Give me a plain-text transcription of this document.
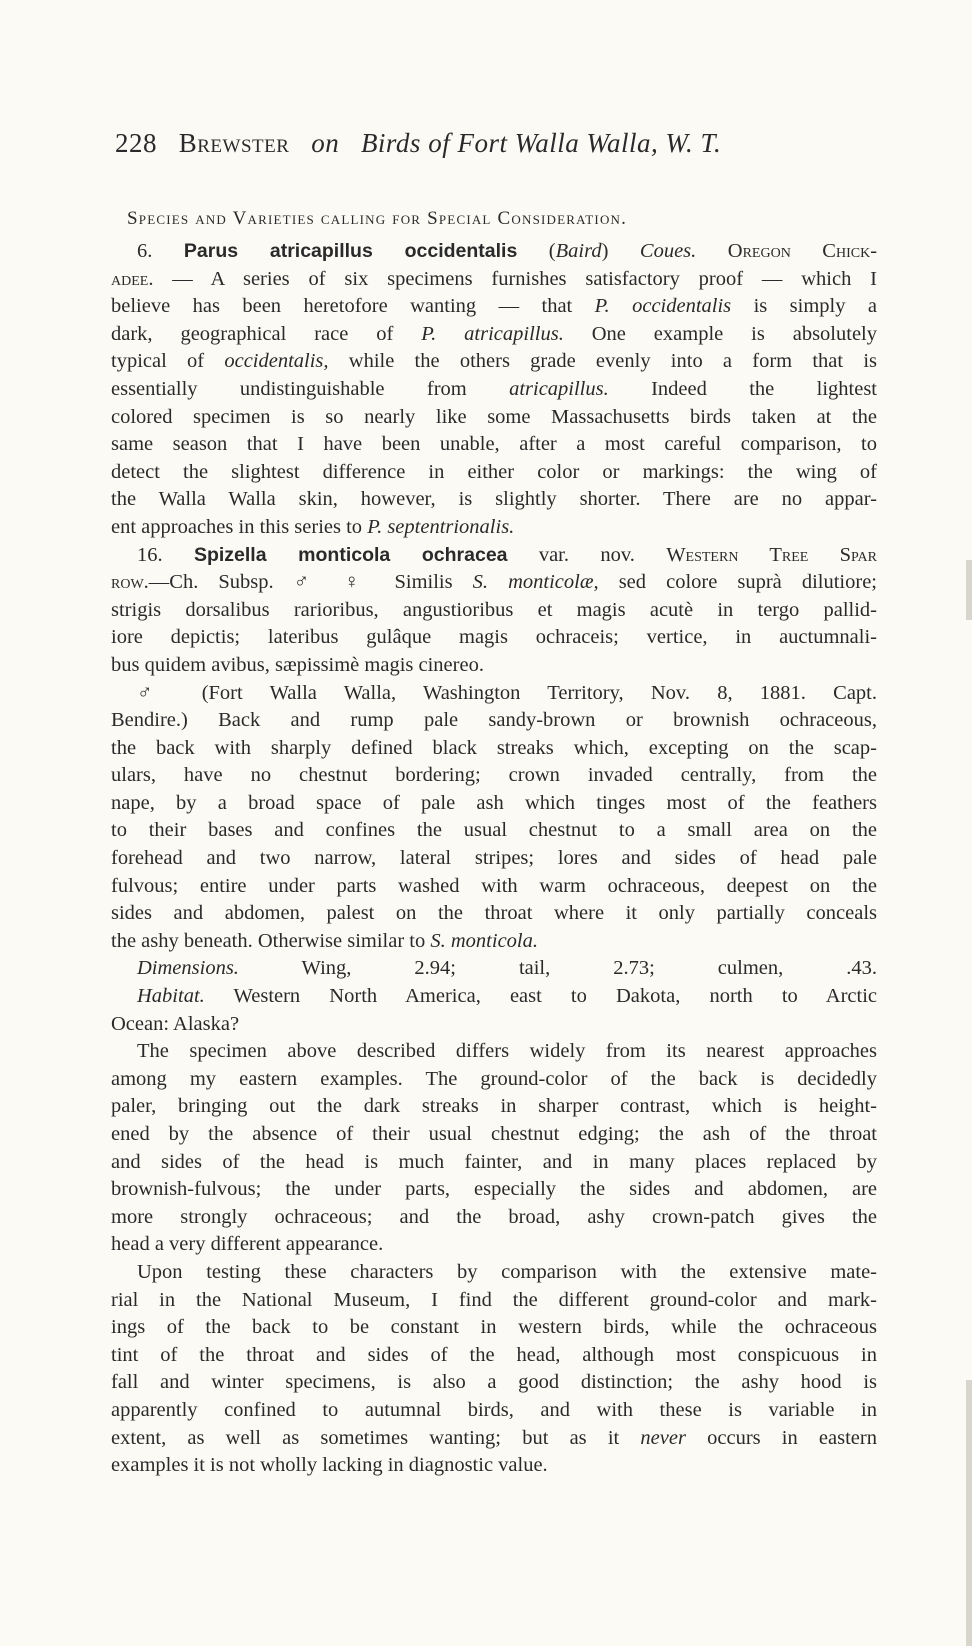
228 Brewster on Birds of Fort Walla Walla, W. T.
Species and Varieties calling for Special Consideration.
6. Parus atricapillus occidentalis (Baird) Coues. Oregon Chick-
adee. — A series of six specimens furnishes satisfactory proof — which I
believe has been heretofore wanting — that P. occidentalis is simply a
dark, geographical race of P. atricapillus. One example is absolutely
typical of occidentalis, while the others grade evenly into a form that is
essentially undistinguishable from atricapillus. Indeed the lightest
colored specimen is so nearly like some Massachusetts birds taken at the
same season that I have been unable, after a most careful comparison, to
detect the slightest difference in either color or markings: the wing of
the Walla Walla skin, however, is slightly shorter. There are no appar-
ent approaches in this series to P. septentrionalis.
16. Spizella monticola ochracea var. nov. Western Tree Spar
row.—Ch. Subsp. ♂ ♀ Similis S. monticolæ, sed colore suprà dilutiore;
strigis dorsalibus rarioribus, angustioribus et magis acutè in tergo pallid-
iore depictis; lateribus gulâque magis ochraceis; vertice, in auctumnali-
bus quidem avibus, sæpissimè magis cinereo.
♂ (Fort Walla Walla, Washington Territory, Nov. 8, 1881. Capt.
Bendire.) Back and rump pale sandy-brown or brownish ochraceous,
the back with sharply defined black streaks which, excepting on the scap-
ulars, have no chestnut bordering; crown invaded centrally, from the
nape, by a broad space of pale ash which tinges most of the feathers
to their bases and confines the usual chestnut to a small area on the
forehead and two narrow, lateral stripes; lores and sides of head pale
fulvous; entire under parts washed with warm ochraceous, deepest on the
sides and abdomen, palest on the throat where it only partially conceals
the ashy beneath. Otherwise similar to S. monticola.
Dimensions. Wing, 2.94; tail, 2.73; culmen, .43.
Habitat. Western North America, east to Dakota, north to Arctic
Ocean: Alaska?
The specimen above described differs widely from its nearest approaches
among my eastern examples. The ground-color of the back is decidedly
paler, bringing out the dark streaks in sharper contrast, which is height-
ened by the absence of their usual chestnut edging; the ash of the throat
and sides of the head is much fainter, and in many places replaced by
brownish-fulvous; the under parts, especially the sides and abdomen, are
more strongly ochraceous; and the broad, ashy crown-patch gives the
head a very different appearance.
Upon testing these characters by comparison with the extensive mate-
rial in the National Museum, I find the different ground-color and mark-
ings of the back to be constant in western birds, while the ochraceous
tint of the throat and sides of the head, although most conspicuous in
fall and winter specimens, is also a good distinction; the ashy hood is
apparently confined to autumnal birds, and with these is variable in
extent, as well as sometimes wanting; but as it never occurs in eastern
examples it is not wholly lacking in diagnostic value.
